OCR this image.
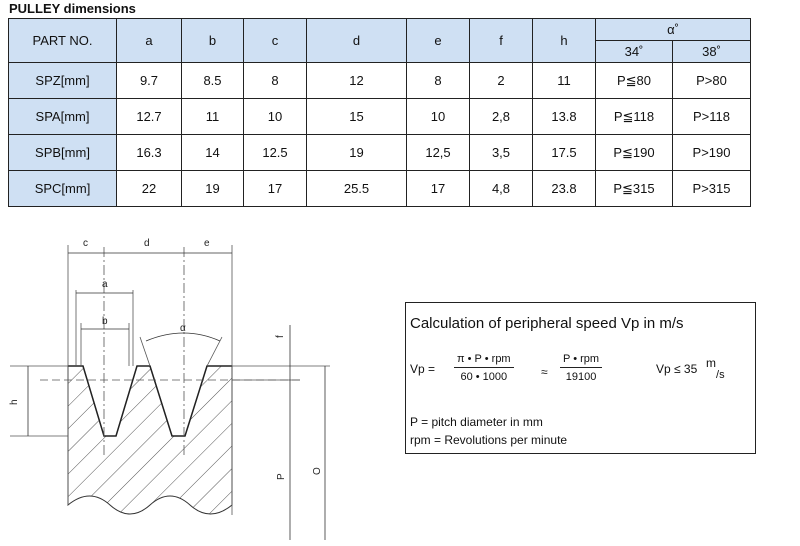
PULLEY dimensions
PART NO.	a	b	c	d	e	f	h	α˚	
								34˚	38˚
SPZ[mm]	9.7	8.5	8	12	8	2	11	P≦80	P>80
SPA[mm]	12.7	11	10	15	10	2,8	13.8	P≦118	P>118
SPB[mm]	16.3	14	12.5	19	12,5	3,5	17.5	P≦190	P>190
SPC[mm]	22	19	17	25.5	17	4,8	23.8	P≦315	P>315
c	d	e
a
b
α
f
h
P
O
Calculation of peripheral speed Vp in m/s
Vp =
π • P • rpm
60 • 1000	≈
P • rpm
19100
Vp ≤ 35 m
/s
P = pitch diameter in mm
rpm = Revolutions per minute
